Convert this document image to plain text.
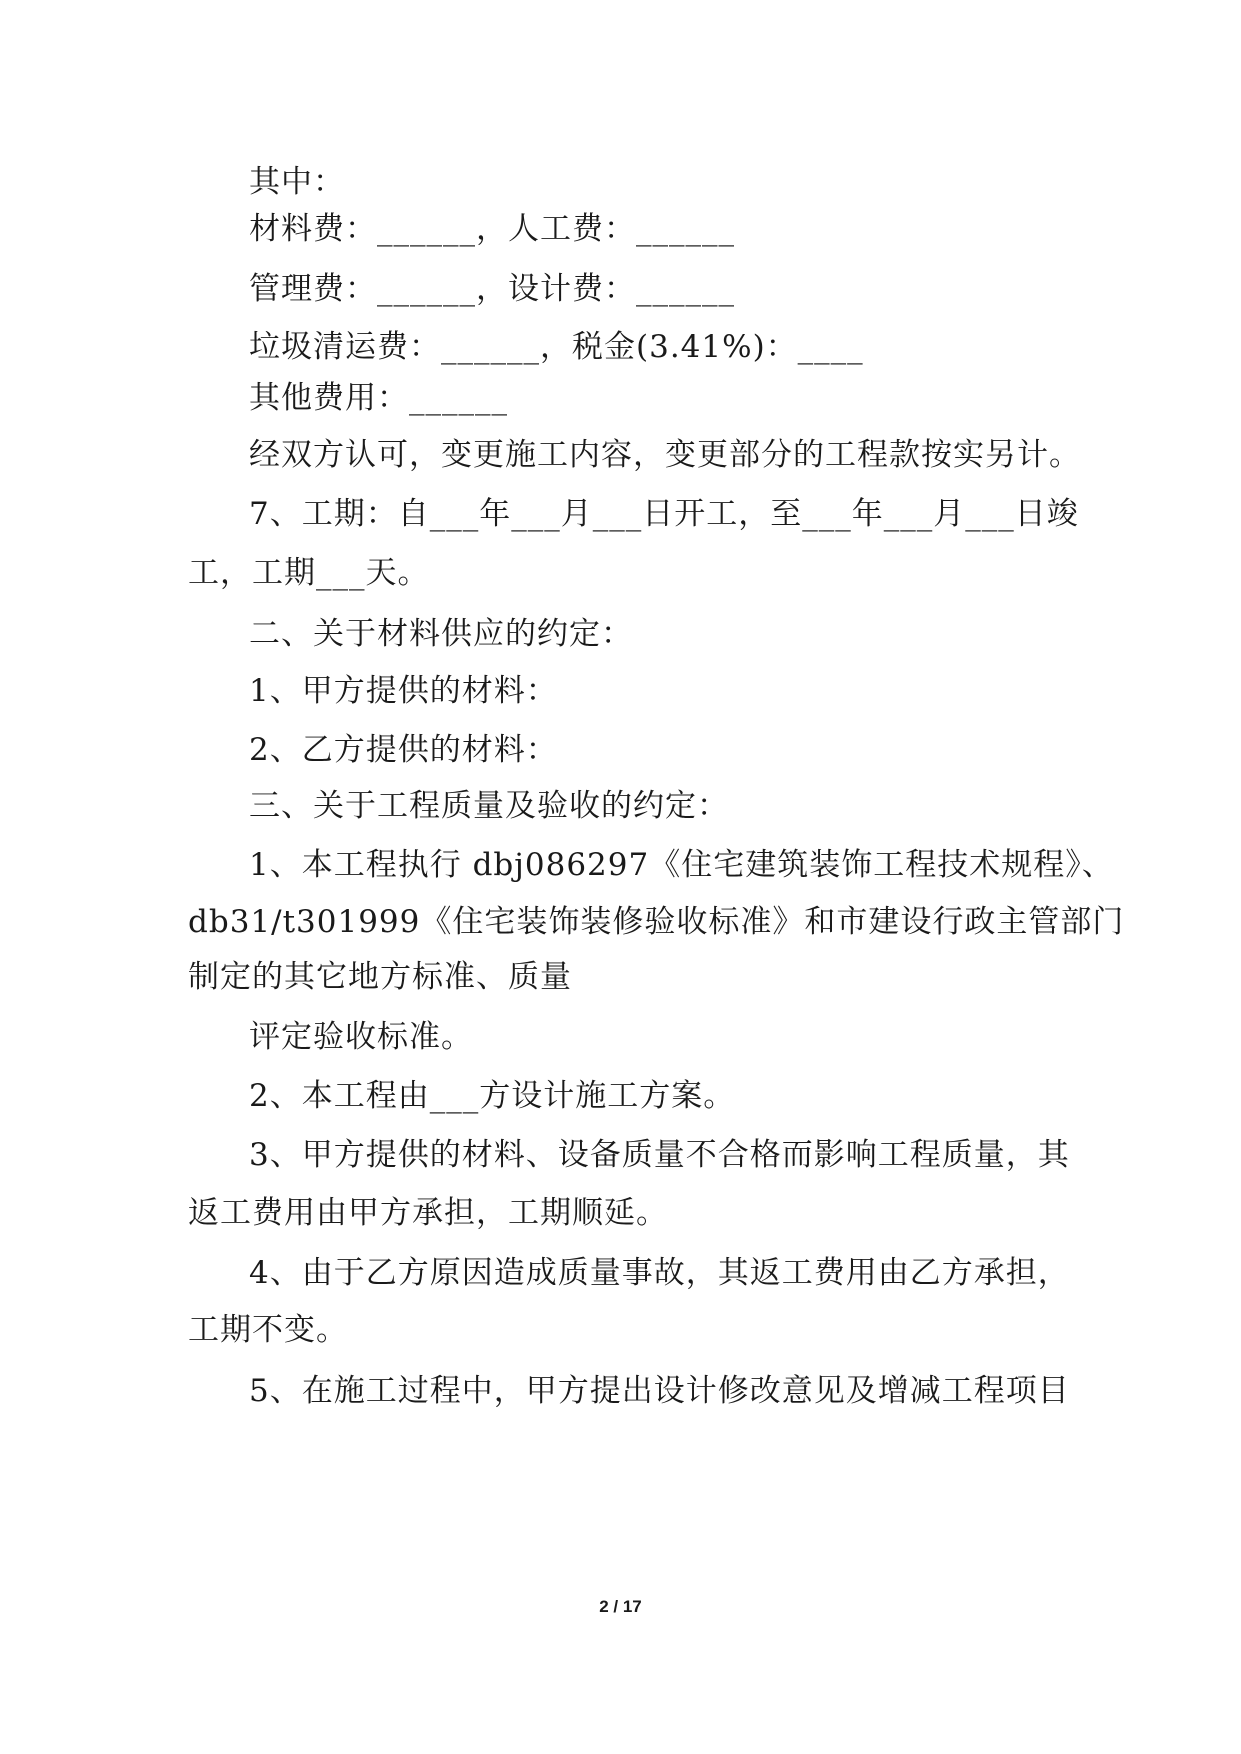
其中：
材料费：______，人工费：______
管理费：______，设计费：______
垃圾清运费：______，税金(3.41%)：____
其他费用：______
经双方认可，变更施工内容，变更部分的工程款按实另计。
7、工期：自___年___月___日开工，至___年___月___日竣
工，工期___天。
二、关于材料供应的约定：
1、甲方提供的材料：
2、乙方提供的材料：
三、关于工程质量及验收的约定：
1、本工程执行 dbj086297《住宅建筑装饰工程技术规程》、
db31/t301999《住宅装饰装修验收标准》和市建设行政主管部门
制定的其它地方标准、质量
评定验收标准。
2、本工程由___方设计施工方案。
3、甲方提供的材料、设备质量不合格而影响工程质量，其
返工费用由甲方承担，工期顺延。
4、由于乙方原因造成质量事故，其返工费用由乙方承担，
工期不变。
5、在施工过程中，甲方提出设计修改意见及增减工程项目
2 / 17
